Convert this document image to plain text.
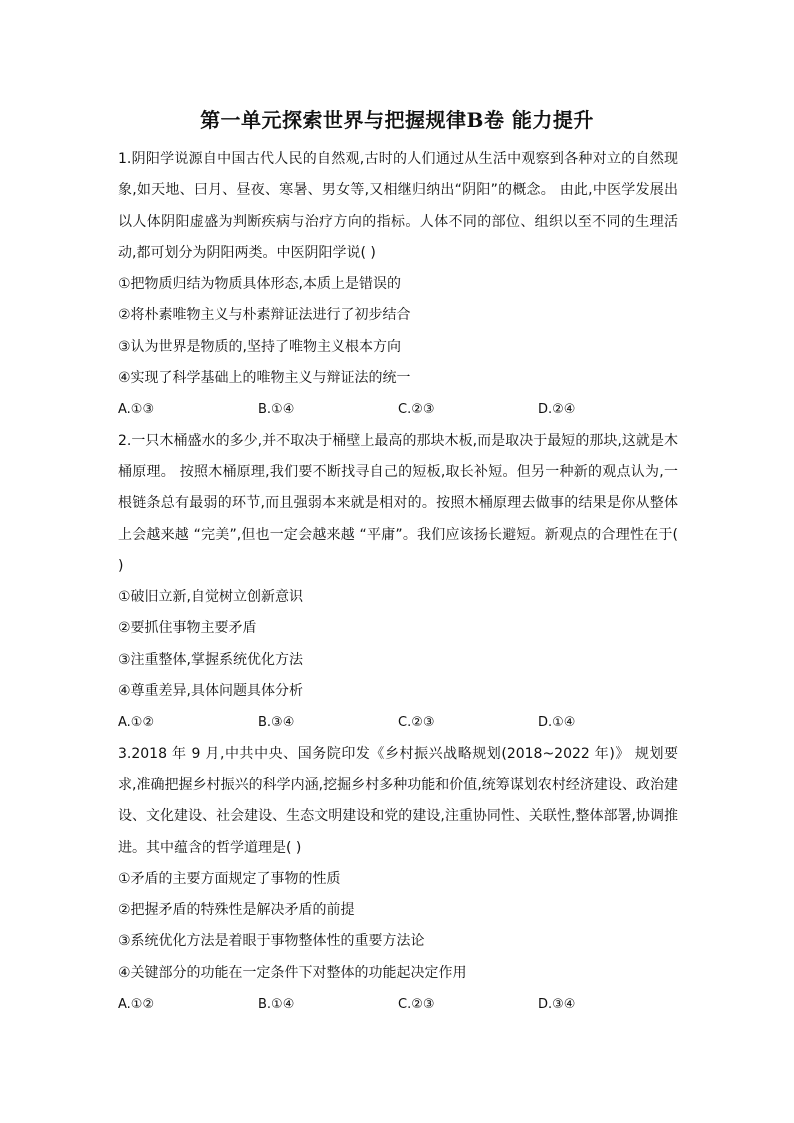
第一单元探索世界与把握规律B卷 能力提升

1.阴阳学说源自中国古代人民的自然观,古时的人们通过从生活中观察到各种对立的自然现象,如天地、曰月、昼夜、寒暑、男女等,又相继归纳出“阴阳”的概念。 由此,中医学发展出以人体阴阳虚盛为判断疾病与治疗方向的指标。人体不同的部位、组织以至不同的生理活动,都可划分为阴阳两类。中医阴阳学说( )

①把物质归结为物质具体形态,本质上是错误的
②将朴素唯物主义与朴素辩证法进行了初步结合
③认为世界是物质的,坚持了唯物主义根本方向
④实现了科学基础上的唯物主义与辩证法的统一
A.①③	B.①④	C.②③	D.②④

2.一只木桶盛水的多少,并不取决于桶壁上最高的那块木板,而是取决于最短的那块,这就是木桶原理。 按照木桶原理,我们要不断找寻自己的短板,取长补短。但另一种新的观点认为,一根链条总有最弱的环节,而且强弱本来就是相对的。按照木桶原理去做事的结果是你从整体上会越来越 “完美”,但也一定会越来越 “平庸”。我们应该扬长避短。新观点的合理性在于( )

①破旧立新,自觉树立创新意识
②要抓住事物主要矛盾
③注重整体,掌握系统优化方法
④尊重差异,具体问题具体分析
A.①②	B.③④	C.②③	D.①④

3.2018 年 9 月,中共中央、国务院印发《乡村振兴战略规划(2018~2022 年)》 规划要求,准确把握乡村振兴的科学内涵,挖掘乡村多种功能和价值,统筹谋划农村经济建设、政治建设、文化建设、社会建设、生态文明建设和党的建设,注重协同性、关联性,整体部署,协调推进。其中蕴含的哲学道理是( )

①矛盾的主要方面规定了事物的性质
②把握矛盾的特殊性是解决矛盾的前提
③系统优化方法是着眼于事物整体性的重要方法论
④关键部分的功能在一定条件下对整体的功能起决定作用
A.①②	B.①④	C.②③	D.③④
